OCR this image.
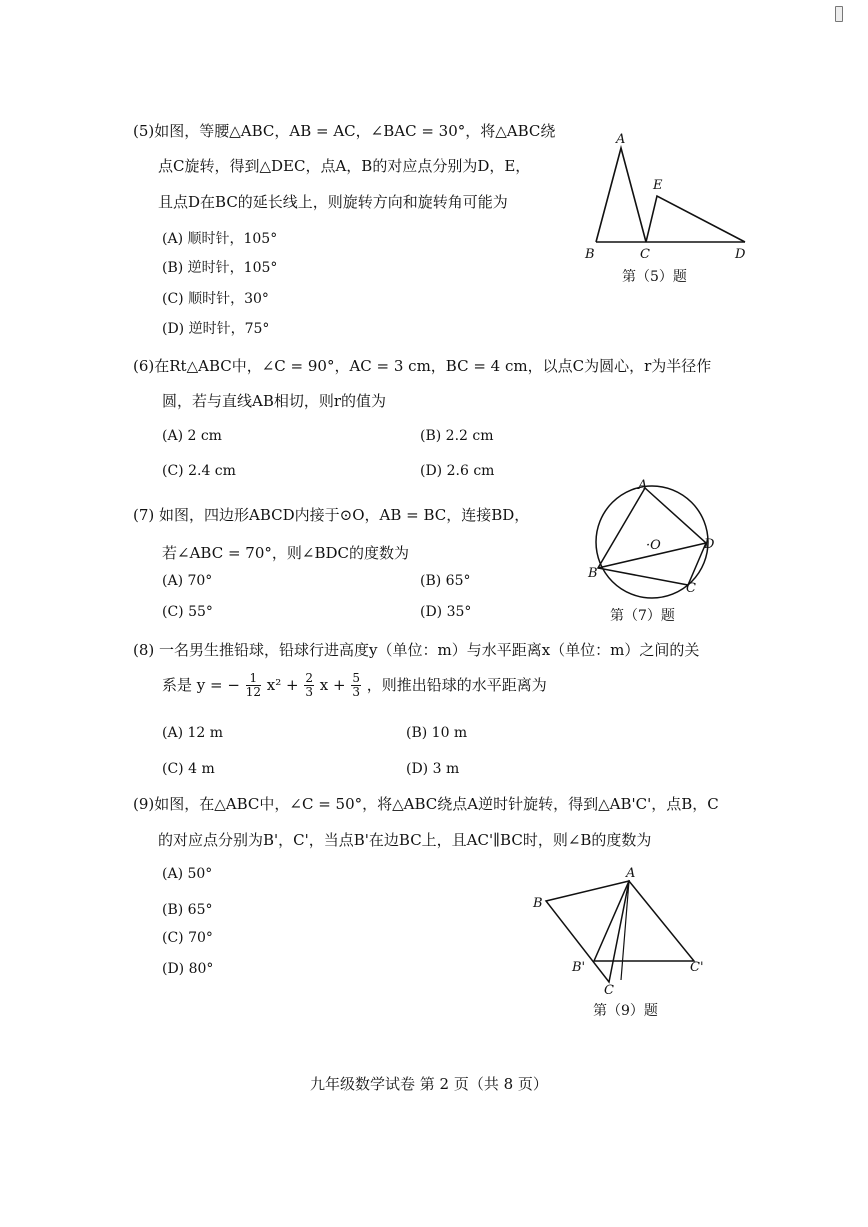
(5)如图，等腰△ABC，AB = AC，∠BAC = 30°，将△ABC绕
点C旋转，得到△DEC，点A，B的对应点分别为D，E，
且点D在BC的延长线上，则旋转方向和旋转角可能为
(A) 顺时针，105°
(B) 逆时针，105°
(C) 顺时针，30°
(D) 逆时针，75°
A
E
B	C	D
第（5）题
(6)在Rt△ABC中，∠C = 90°，AC = 3 cm，BC = 4 cm，以点C为圆心，r为半径作
圆，若与直线AB相切，则r的值为
(A) 2 cm	(B) 2.2 cm
(C) 2.4 cm	(D) 2.6 cm
(7) 如图，四边形ABCD内接于⊙O，AB = BC，连接BD，
若∠ABC = 70°，则∠BDC的度数为
(A) 70°	(B) 65°
(C) 55°	(D) 35°
A
·O	D
B
C
第（7）题
(8) 一名男生推铅球，铅球行进高度y（单位：m）与水平距离x（单位：m）之间的关
系是 y = − $\frac{1}{12} x^2 + \frac{2}{3}$ $x + \frac{5}{3}$ ，则推出铅球的水平距离为
(A) 12 m	(B) 10 m
(C) 4 m	(D) 3 m
(9)如图，在△ABC中，∠C = 50°，将△ABC绕点A逆时针旋转，得到△AB'C'，点B，C
的对应点分别为B'，C'，当点B'在边BC上，且AC'∥BC时，则∠B的度数为
(A) 50°
(B) 65°
(C) 70°
(D) 80°
A
B
B'	C'
C
第（9）题
九年级数学试卷 第 2 页（共 8 页）
